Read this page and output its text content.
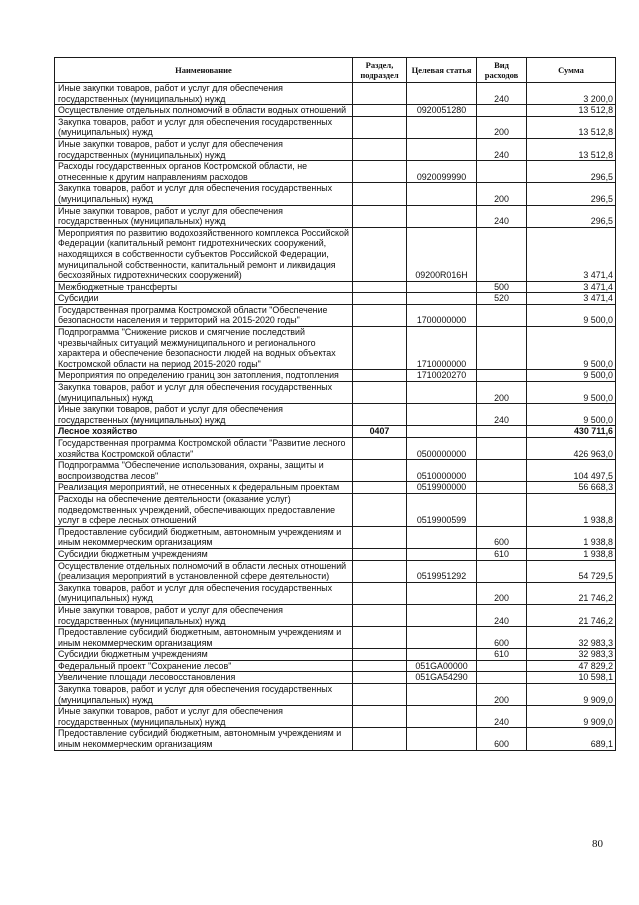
Наименование	Раздел, подраздел	Целевая статья	Вид расходов	Сумма
Иные закупки товаров, работ и услуг для обеспечения государственных (муниципальных) нужд			240	3 200,0
Осуществление отдельных полномочий в области водных отношений		0920051280		13 512,8
Закупка товаров, работ и услуг для обеспечения государственных (муниципальных) нужд			200	13 512,8
Иные закупки товаров, работ и услуг для обеспечения государственных (муниципальных) нужд			240	13 512,8
Расходы государственных органов Костромской области, не отнесенные к другим направлениям расходов		0920099990		296,5
Закупка товаров, работ и услуг для обеспечения государственных (муниципальных) нужд			200	296,5
Иные закупки товаров, работ и услуг для обеспечения государственных (муниципальных) нужд			240	296,5
Мероприятия по развитию водохозяйственного комплекса Российской Федерации (капитальный ремонт гидротехнических сооружений, находящихся в собственности субъектов Российской Федерации, муниципальной собственности, капитальный ремонт и ликвидация бесхозяйных гидротехнических сооружений)		09200R016H		3 471,4
Межбюджетные трансферты			500	3 471,4
Субсидии			520	3 471,4
Государственная программа Костромской области "Обеспечение безопасности населения и территорий на 2015-2020 годы"		1700000000		9 500,0
Подпрограмма "Снижение рисков и смягчение последствий чрезвычайных ситуаций межмуниципального и регионального характера и обеспечение безопасности людей на водных объектах Костромской области на период 2015-2020 годы"		1710000000		9 500,0
Мероприятия по определению границ зон затопления, подтопления		1710020270		9 500,0
Закупка товаров, работ и услуг для обеспечения государственных (муниципальных) нужд			200	9 500,0
Иные закупки товаров, работ и услуг для обеспечения государственных (муниципальных) нужд			240	9 500,0
Лесное хозяйство	0407			430 711,6
Государственная программа Костромской области "Развитие лесного хозяйства Костромской области"		0500000000		426 963,0
Подпрограмма "Обеспечение использования, охраны, защиты и воспроизводства лесов"		0510000000		104 497,5
Реализация мероприятий, не отнесенных к федеральным проектам		0519900000		56 668,3
Расходы на обеспечение деятельности (оказание услуг) подведомственных учреждений, обеспечивающих предоставление услуг в сфере лесных отношений		0519900599		1 938,8
Предоставление субсидий бюджетным, автономным учреждениям и иным некоммерческим организациям			600	1 938,8
Субсидии бюджетным учреждениям			610	1 938,8
Осуществление отдельных полномочий в области лесных отношений (реализация мероприятий в установленной сфере деятельности)		0519951292		54 729,5
Закупка товаров, работ и услуг для обеспечения государственных (муниципальных) нужд			200	21 746,2
Иные закупки товаров, работ и услуг для обеспечения государственных (муниципальных) нужд			240	21 746,2
Предоставление субсидий бюджетным, автономным учреждениям и иным некоммерческим организациям			600	32 983,3
Субсидии бюджетным учреждениям			610	32 983,3
Федеральный проект "Сохранение лесов"		051GA00000		47 829,2
Увеличение площади лесовосстановления		051GA54290		10 598,1
Закупка товаров, работ и услуг для обеспечения государственных (муниципальных) нужд			200	9 909,0
Иные закупки товаров, работ и услуг для обеспечения государственных (муниципальных) нужд			240	9 909,0
Предоставление субсидий бюджетным, автономным учреждениям и иным некоммерческим организациям			600	689,1
80
